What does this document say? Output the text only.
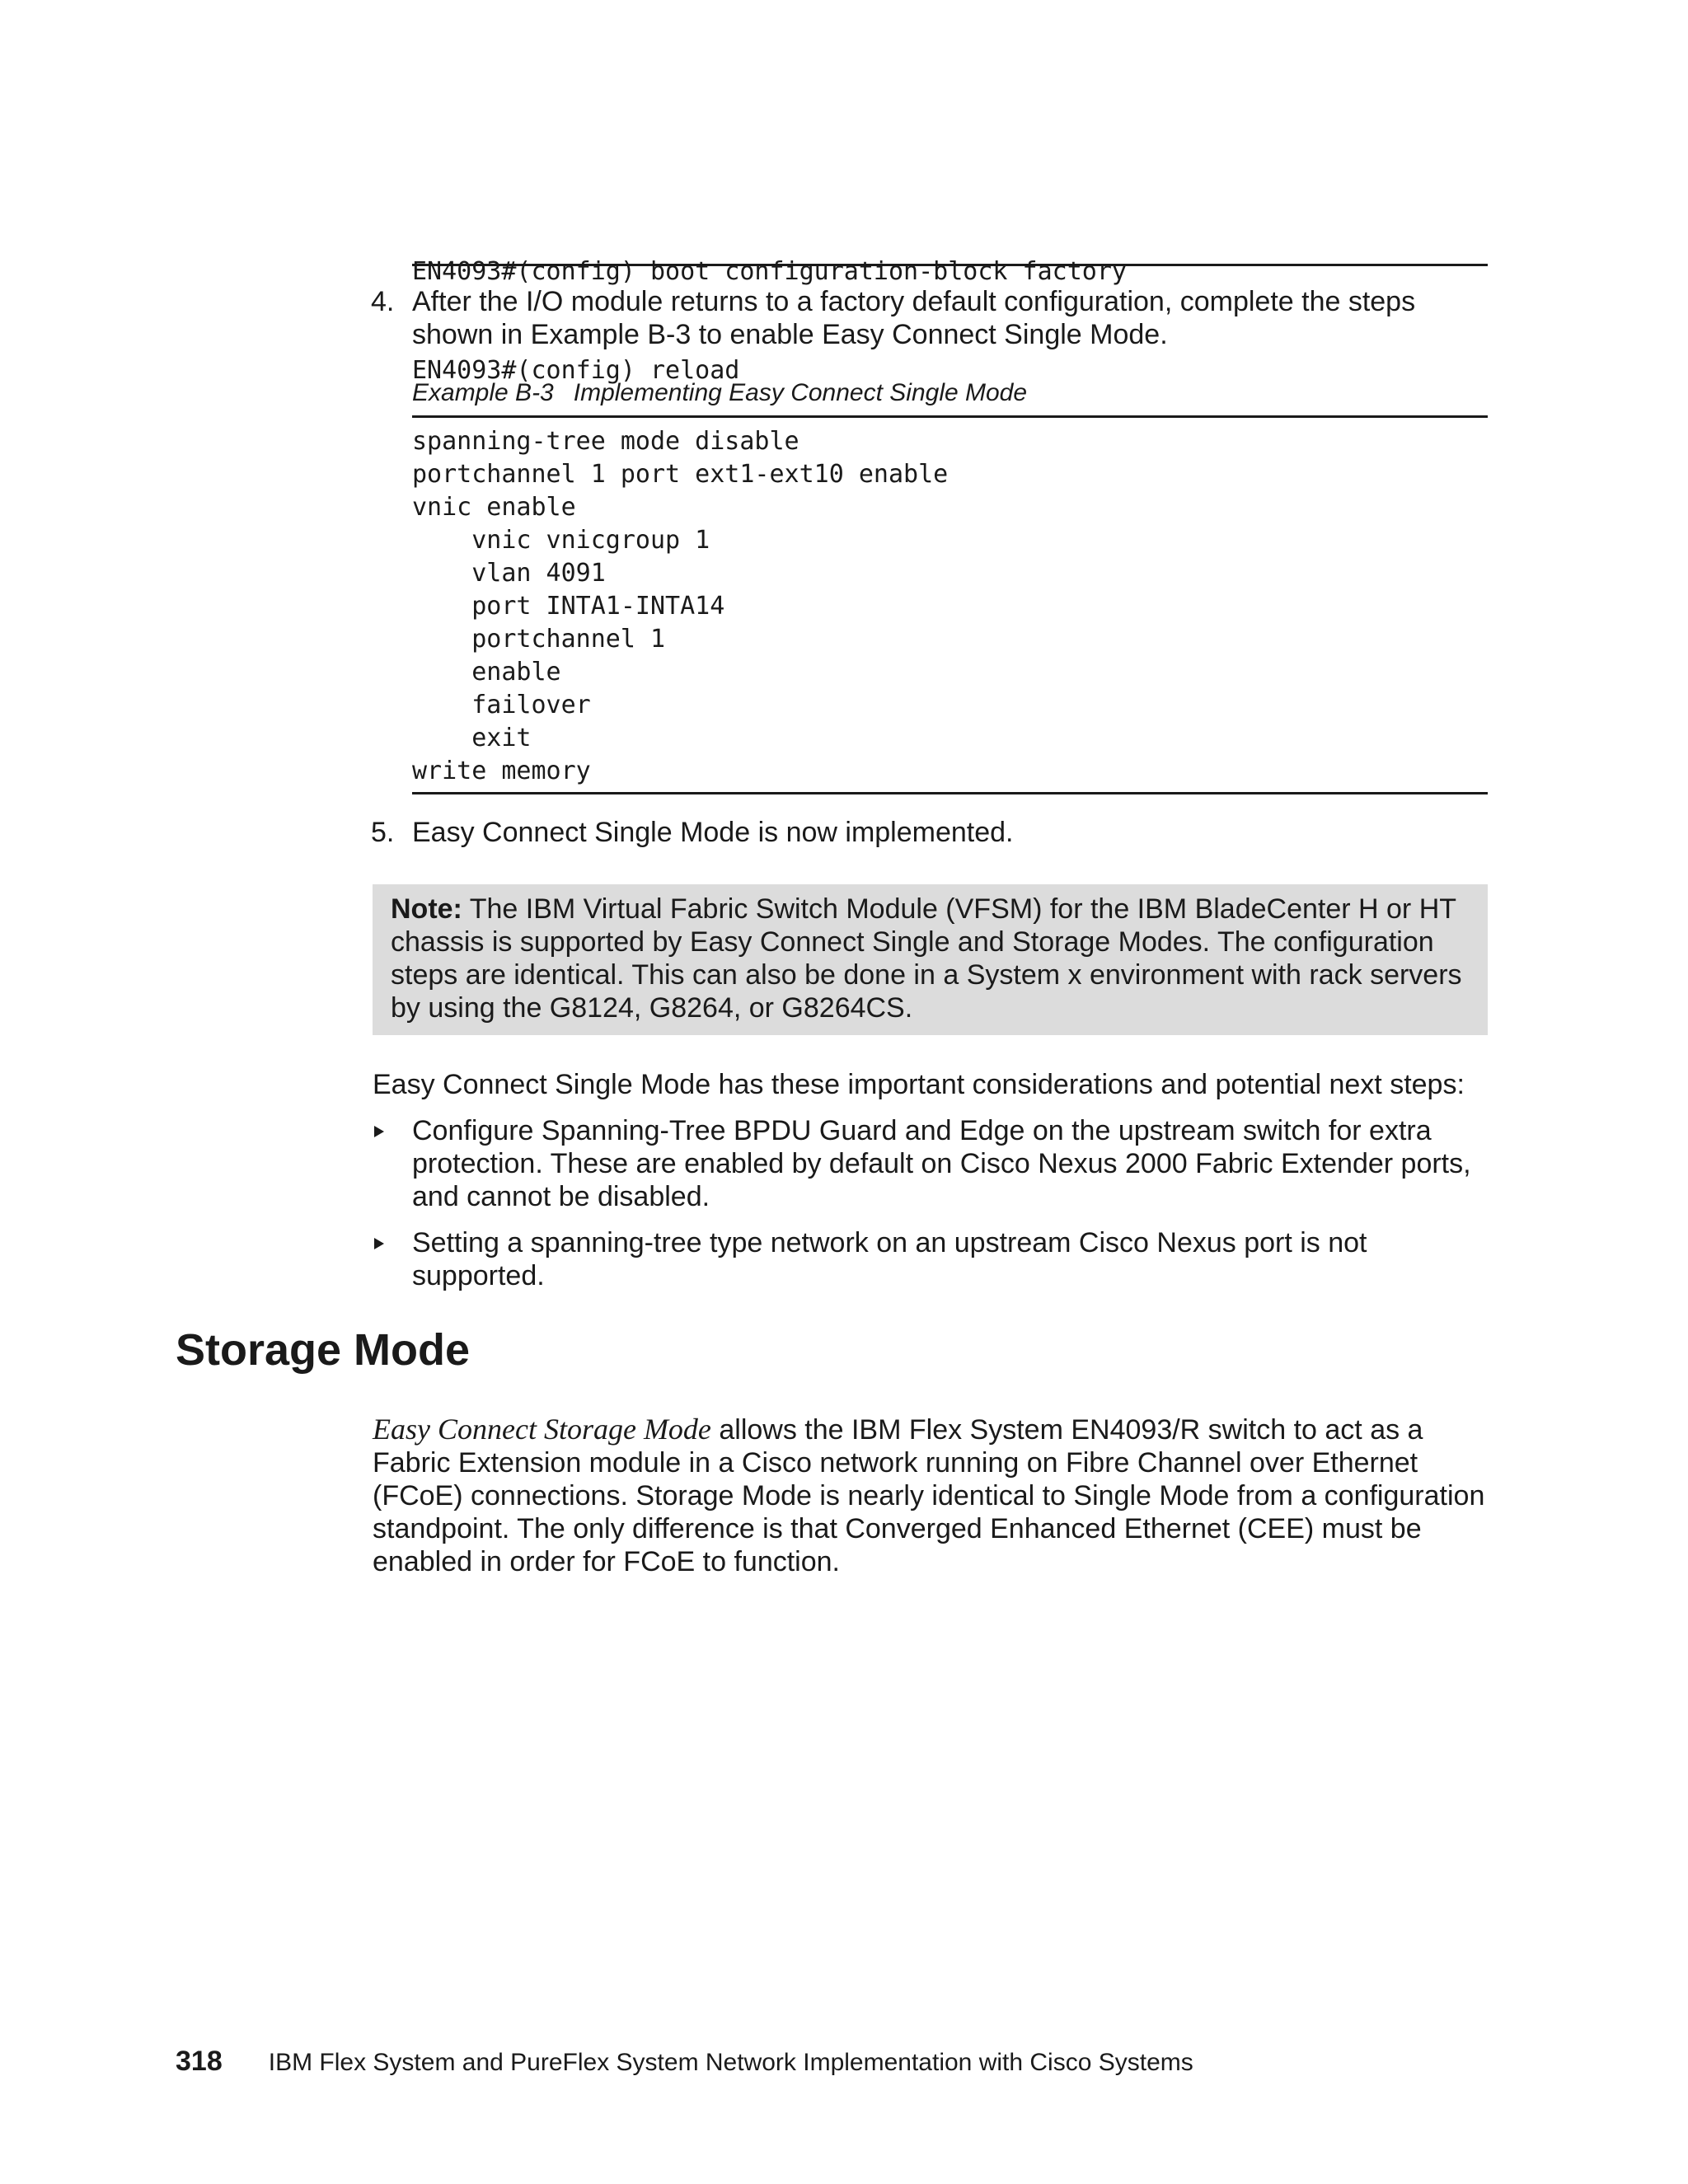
EN4093#(config) boot configuration-block factory

EN4093#(config) reload

4. After the I/O module returns to a factory default configuration, complete the steps shown in Example B-3 to enable Easy Connect Single Mode.
Example B-3 Implementing Easy Connect Single Mode
spanning-tree mode disable
portchannel 1 port ext1-ext10 enable
vnic enable
vnic vnicgroup 1
vlan 4091
port INTA1-INTA14
portchannel 1
enable
failover
exit
write memory
5. Easy Connect Single Mode is now implemented.
Note: The IBM Virtual Fabric Switch Module (VFSM) for the IBM BladeCenter H or HT chassis is supported by Easy Connect Single and Storage Modes. The configuration steps are identical. This can also be done in a System x environment with rack servers by using the G8124, G8264, or G8264CS.
Easy Connect Single Mode has these important considerations and potential next steps:
Configure Spanning-Tree BPDU Guard and Edge on the upstream switch for extra protection. These are enabled by default on Cisco Nexus 2000 Fabric Extender ports, and cannot be disabled.
Setting a spanning-tree type network on an upstream Cisco Nexus port is not supported.
Storage Mode
Easy Connect Storage Mode allows the IBM Flex System EN4093/R switch to act as a Fabric Extension module in a Cisco network running on Fibre Channel over Ethernet (FCoE) connections. Storage Mode is nearly identical to Single Mode from a configuration standpoint. The only difference is that Converged Enhanced Ethernet (CEE) must be enabled in order for FCoE to function.
318 IBM Flex System and PureFlex System Network Implementation with Cisco Systems
